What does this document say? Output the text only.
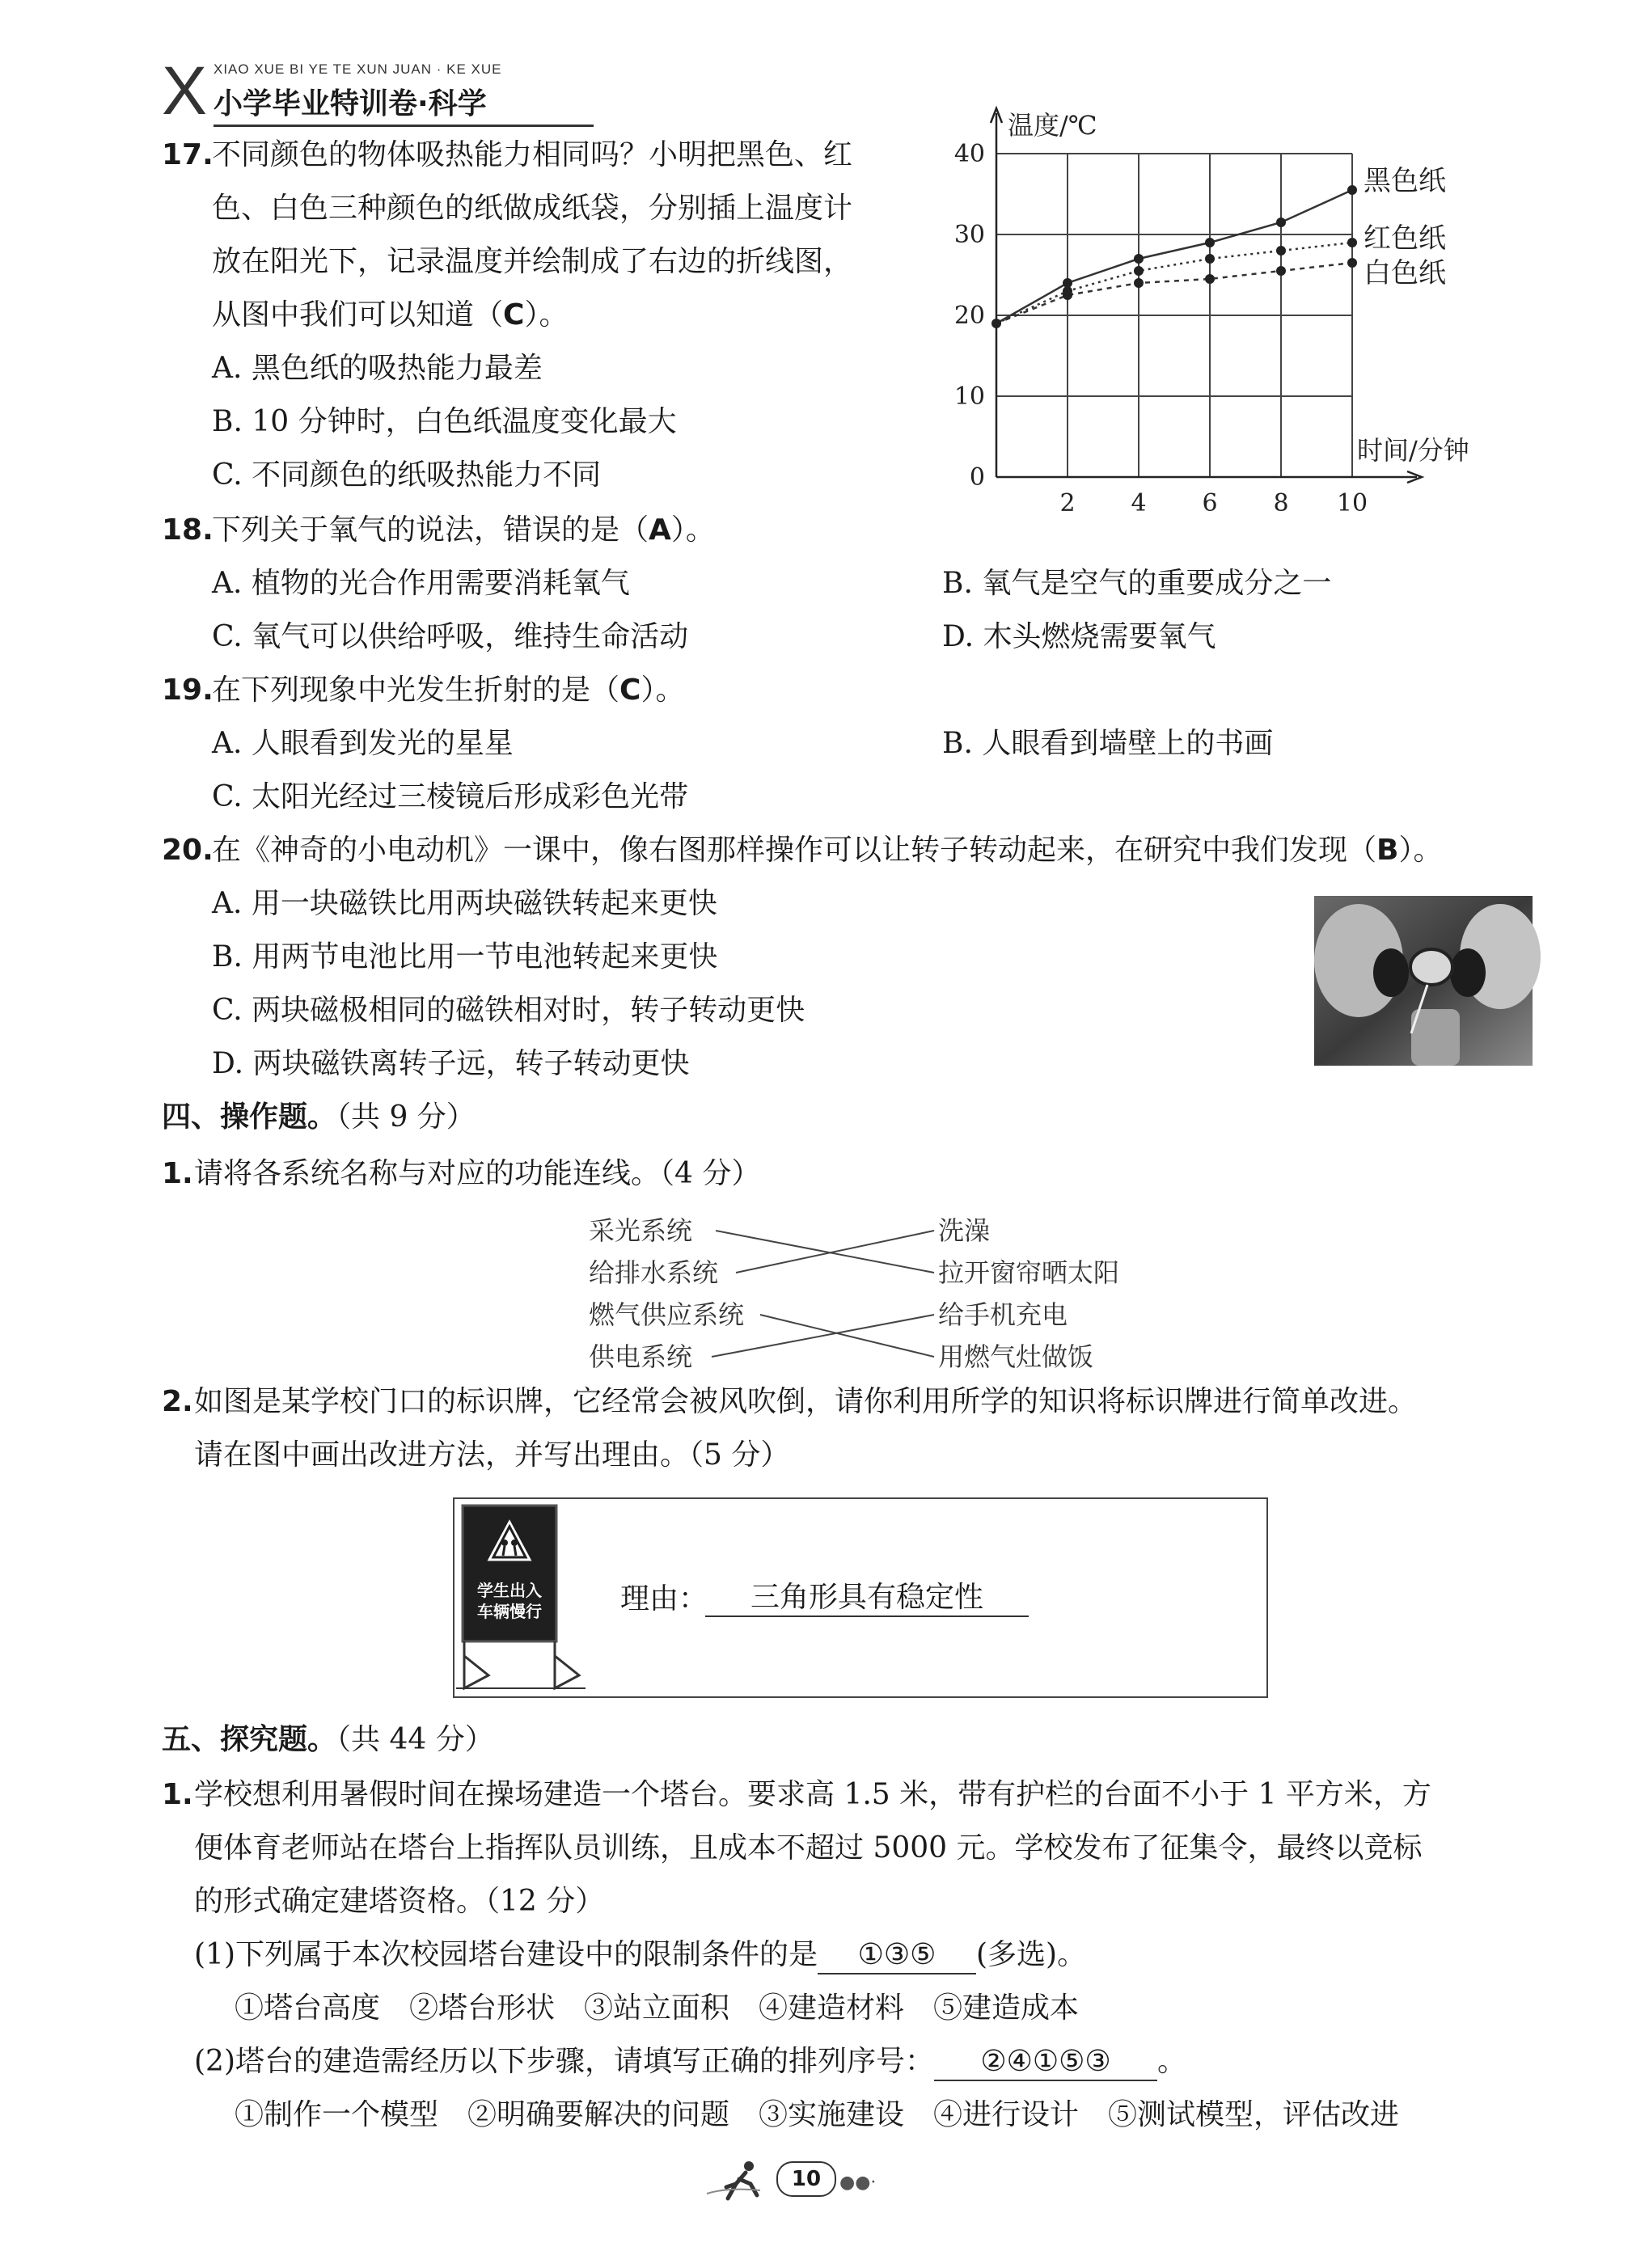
X XIAO XUE BI YE TE XUN JUAN · KE XUE
小学毕业特训卷·科学
17.
不同颜色的物体吸热能力相同吗？小明把黑色、红
色、白色三种颜色的纸做成纸袋，分别插上温度计
放在阳光下，记录温度并绘制成了右边的折线图，
从图中我们可以知道（C）。
A. 黑色纸的吸热能力最差
B. 10 分钟时，白色纸温度变化最大
C. 不同颜色的纸吸热能力不同	0
10
20
30
40
2 4 6 8 10
温度/℃
时间/分钟
黑色纸
红色纸
白色纸
18.
下列关于氧气的说法，错误的是（A）。
A. 植物的光合作用需要消耗氧气	B. 氧气是空气的重要成分之一
C. 氧气可以供给呼吸，维持生命活动	D. 木头燃烧需要氧气
19.
在下列现象中光发生折射的是（C）。
A. 人眼看到发光的星星	B. 人眼看到墙壁上的书画
C. 太阳光经过三棱镜后形成彩色光带
20.
在《神奇的小电动机》一课中，像右图那样操作可以让转子转动起来，在研究中我们发现（B）。
A. 用一块磁铁比用两块磁铁转起来更快
B. 用两节电池比用一节电池转起来更快
C. 两块磁极相同的磁铁相对时，转子转动更快
D. 两块磁铁离转子远，转子转动更快
四、操作题。（共 9 分）
1. 请将各系统名称与对应的功能连线。（4 分）
采光系统
给排水系统
燃气供应系统
供电系统
洗澡
拉开窗帘晒太阳
给手机充电
用燃气灶做饭
2. 如图是某学校门口的标识牌，它经常会被风吹倒，请你利用所学的知识将标识牌进行简单改进。
请在图中画出改进方法，并写出理由。（5 分）
学生出入
车辆慢行	理由：	三角形具有稳定性
五、探究题。（共 44 分）
1. 学校想利用暑假时间在操场建造一个塔台。要求高 1.5 米，带有护栏的台面不小于 1 平方米，方
便体育老师站在塔台上指挥队员训练，且成本不超过 5000 元。学校发布了征集令，最终以竞标
的形式确定建塔资格。（12 分）
(1)下列属于本次校园塔台建设中的限制条件的是 ①③⑤ (多选)。
①塔台高度　②塔台形状　③站立面积　④建造材料　⑤建造成本
(2)塔台的建造需经历以下步骤，请填写正确的排列序号： ②④①⑤③ 。
①制作一个模型　②明确要解决的问题　③实施建设　④进行设计　⑤测试模型，评估改进
10	●●·
